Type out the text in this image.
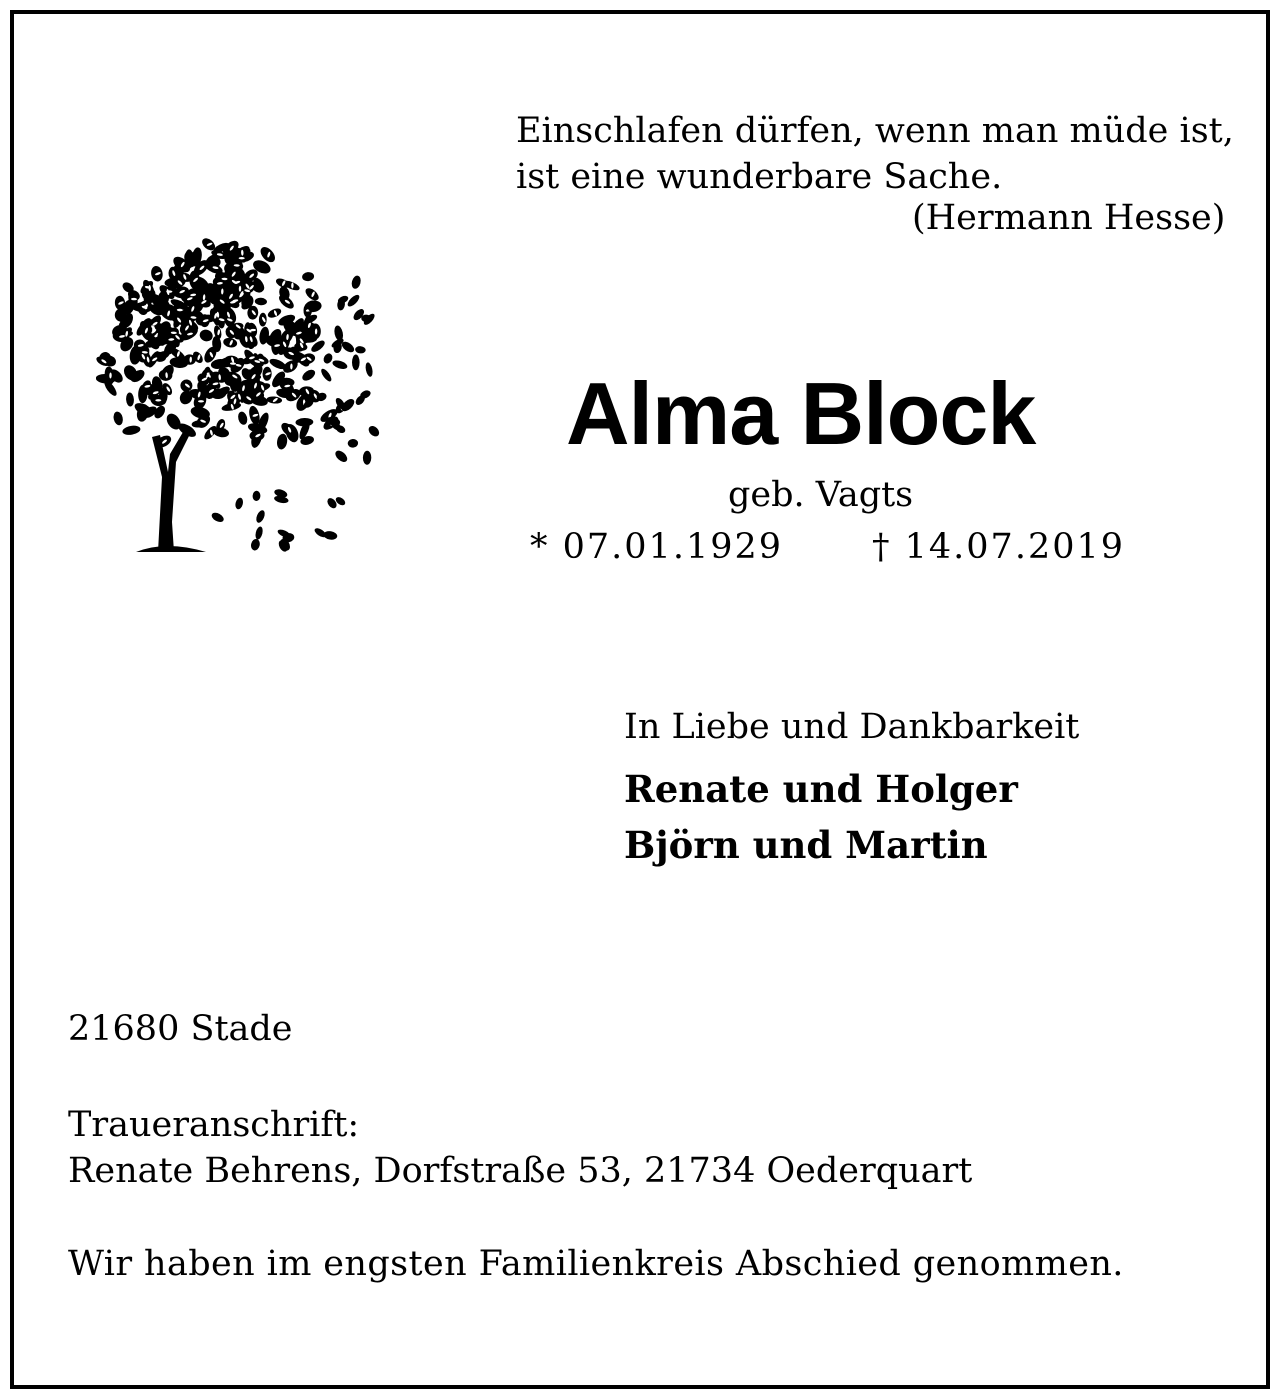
Einschlafen dürfen, wenn man müde ist,
ist eine wunderbare Sache.
(Hermann Hesse)
Alma Block
geb. Vagts
* 07.01.1929	† 14.07.2019
In Liebe und Dankbarkeit
Renate und Holger
Björn und Martin
21680 Stade
Traueranschrift:
Renate Behrens, Dorfstraße 53, 21734 Oederquart
Wir haben im engsten Familienkreis Abschied genommen.
